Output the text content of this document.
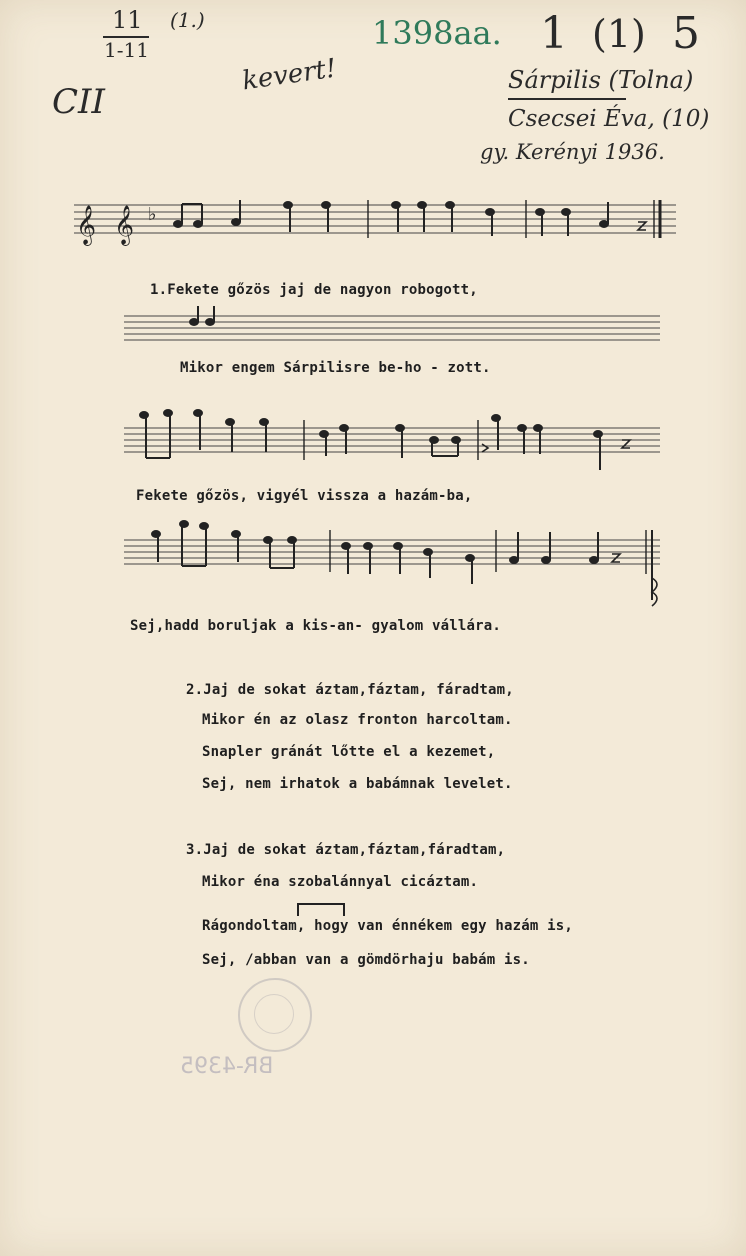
11
1-11
(1.)
CII
kevert!
1398aa. 1 (1) 5
Sárpilis (Tolna)
Csecsei Éva, (10)
gy. Kerényi 1936.
𝄞 𝄞 ♭
1.Fekete gőzös jaj de nagyon robogott,
Mikor engem Sárpilisre be-ho - zott.
Fekete gőzös, vigyél vissza a hazám-ba,
Sej,hadd boruljak a kis-an- gyalom vállára.
2.Jaj de sokat áztam,fáztam, fáradtam,
Mikor én az olasz fronton harcoltam.
Snapler gránát lőtte el a kezemet,
Sej, nem irhatok a babámnak levelet.
3.Jaj de sokat áztam,fáztam,fáradtam,
Mikor éna szobalánnyal cicáztam.
Rágondoltam, hogy van énnékem egy hazám is,
Sej, /abban van a gömdörhaju babám is.
BR-4395
